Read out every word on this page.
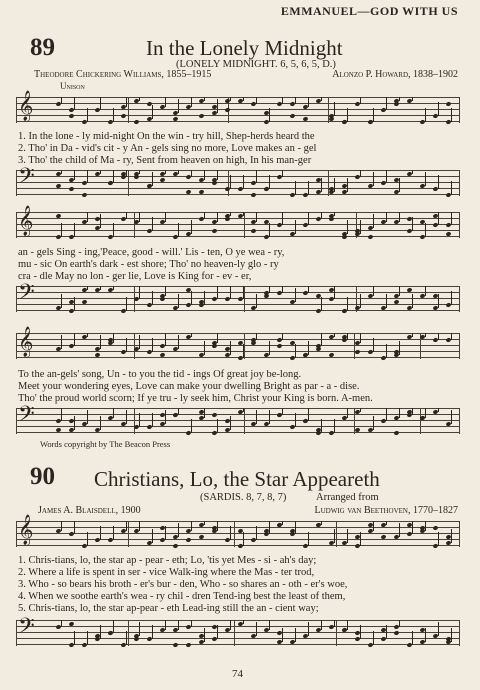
EMMANUEL—GOD WITH US
89	In the Lonely Midnight
(LONELY MIDNIGHT. 6, 5, 6, 5, D.)
Theodore Chickering Williams, 1855–1915	Alonzo P. Howard, 1838–1902
Unison
𝄞
1. In the lone - ly mid-night On the win - try hill, Shep-herds heard the
2. Tho' in Da - vid's cit - y An - gels sing no more, Love makes an - gel
3. Tho' the child of Ma - ry, Sent from heaven on high, In his man-ger
𝄢
𝄞
an - gels Sing - ing,'Peace, good - will.' Lis - ten, O ye wea - ry,
mu - sic On earth's dark - est shore; Tho' no heaven-ly glo - ry
cra - dle May no lon - ger lie, Love is King for - ev - er,
𝄢
𝄞
To the an-gels' song, Un - to you the tid - ings Of great joy be-long.
Meet your wondering eyes, Love can make your dwelling Bright as par - a - dise.
Tho' the proud world scorn; If ye tru - ly seek him, Christ your King is born. A-men.
𝄢
Words copyright by The Beacon Press
90 Christians, Lo, the Star Appeareth
(SARDIS. 8, 7, 8, 7)	Arranged from
James A. Blaisdell, 1900	Ludwig van Beethoven, 1770–1827
𝄞
1. Chris-tians, lo, the star ap - pear - eth; Lo, 'tis yet Mes - si - ah's day;
2. Where a life is spent in ser - vice Walk-ing where the Mas - ter trod,
3. Who - so bears his broth - er's bur - den, Who - so shares an - oth - er's woe,
4. When we soothe earth's wea - ry chil - dren Tend-ing best the least of them,
5. Chris-tians, lo, the star ap-pear - eth Lead-ing still the an - cient way;
𝄢
74
